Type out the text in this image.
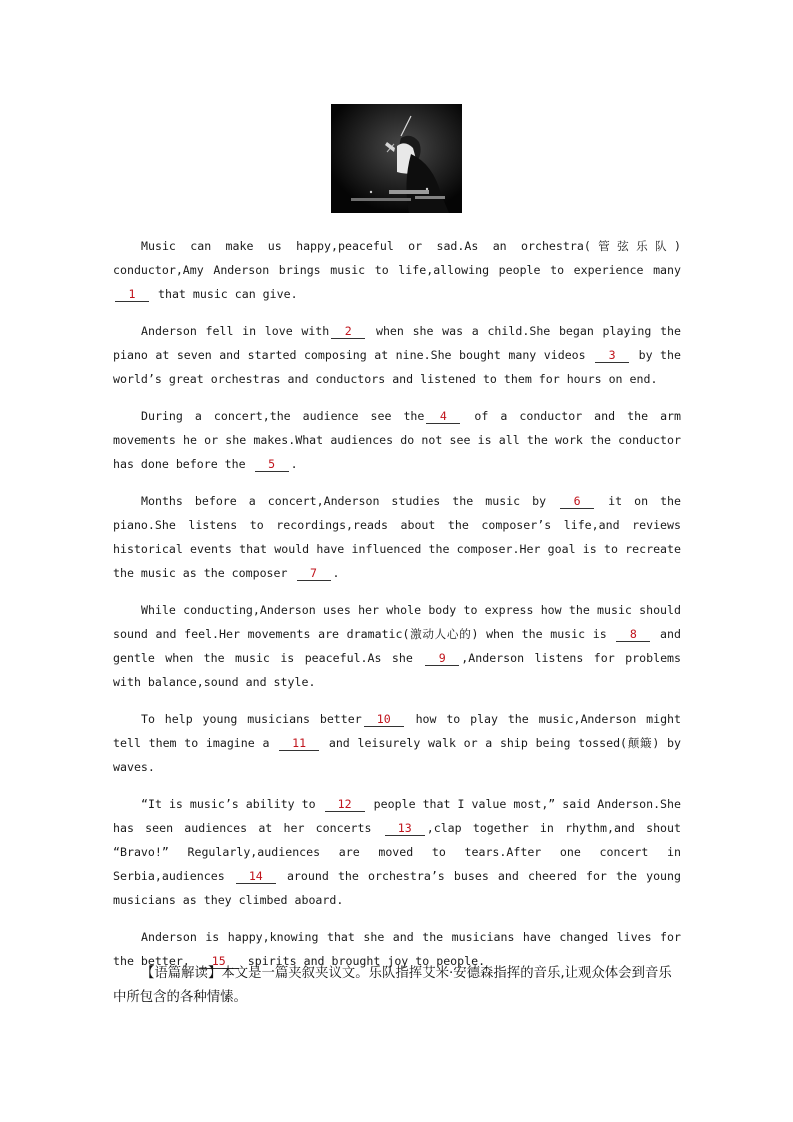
Music can make us happy,peaceful or sad.As an orchestra(管弦乐队) conductor,Amy Anderson brings music to life,allowing people to experience many 1 that music can give.

Anderson fell in love with 2 when she was a child.She began playing the piano at seven and started composing at nine.She bought many videos 3 by the world’s great orchestras and conductors and listened to them for hours on end.

During a concert,the audience see the 4 of a conductor and the arm movements he or she makes.What audiences do not see is all the work the conductor has done before the 5 .

Months before a concert,Anderson studies the music by 6 it on the piano.She listens to recordings,reads about the composer’s life,and reviews historical events that would have influenced the composer.Her goal is to recreate the music as the composer 7 .

While conducting,Anderson uses her whole body to express how the music should sound and feel.Her movements are dramatic(激动人心的) when the music is 8 and gentle when the music is peaceful.As she 9 ,Anderson listens for problems with balance,sound and style.

To help young musicians better 10 how to play the music,Anderson might tell them to imagine a 11 and leisurely walk or a ship being tossed(颠簸) by waves.

“It is music’s ability to 12 people that I value most,” said Anderson.She has seen audiences at her concerts 13 ,clap together in rhythm,and shout “Bravo!” Regularly,audiences are moved to tears.After one concert in Serbia,audiences 14 around the orchestra’s buses and cheered for the young musicians as they climbed aboard.

Anderson is happy,knowing that she and the musicians have changed lives for the better, 15 spirits and brought joy to people.

【语篇解读】本文是一篇夹叙夹议文。乐队指挥艾米·安德森指挥的音乐,让观众体会到音乐中所包含的各种情愫。
